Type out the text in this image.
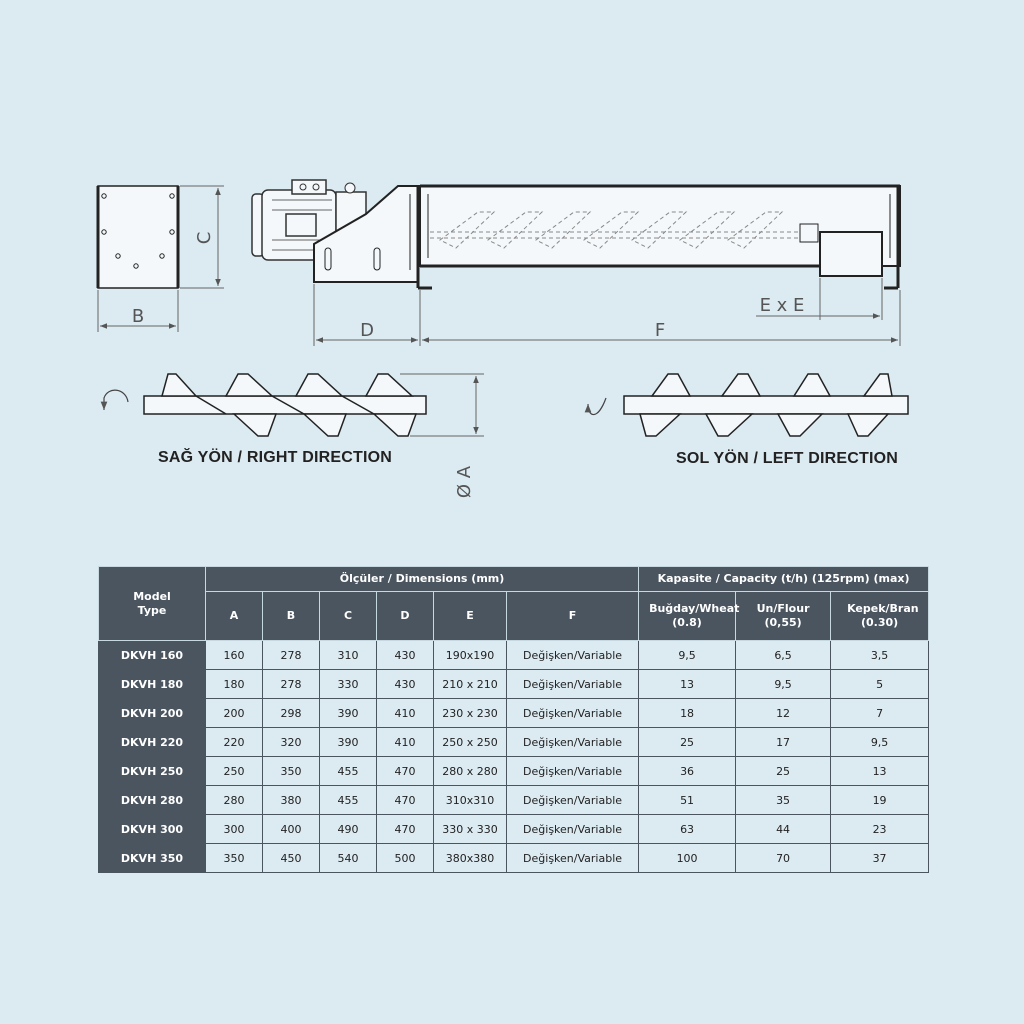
B
C
D	F
E x E
Ø A
SAĞ YÖN / RIGHT DIRECTION	SOL YÖN / LEFT DIRECTION
Model Type	Ölçüler / Dimensions (mm)						Kapasite / Capacity (t/h) (125rpm) (max)		
	A	B	C	D	E	F	Buğday/Wheat (0.8)	Un/Flour (0,55)	Kepek/Bran (0.30)
DKVH 160	160	278	310	430	190x190	Değişken/Variable	9,5	6,5	3,5
DKVH 180	180	278	330	430	210 x 210	Değişken/Variable	13	9,5	5
DKVH 200	200	298	390	410	230 x 230	Değişken/Variable	18	12	7
DKVH 220	220	320	390	410	250 x 250	Değişken/Variable	25	17	9,5
DKVH 250	250	350	455	470	280 x 280	Değişken/Variable	36	25	13
DKVH 280	280	380	455	470	310x310	Değişken/Variable	51	35	19
DKVH 300	300	400	490	470	330 x 330	Değişken/Variable	63	44	23
DKVH 350	350	450	540	500	380x380	Değişken/Variable	100	70	37
